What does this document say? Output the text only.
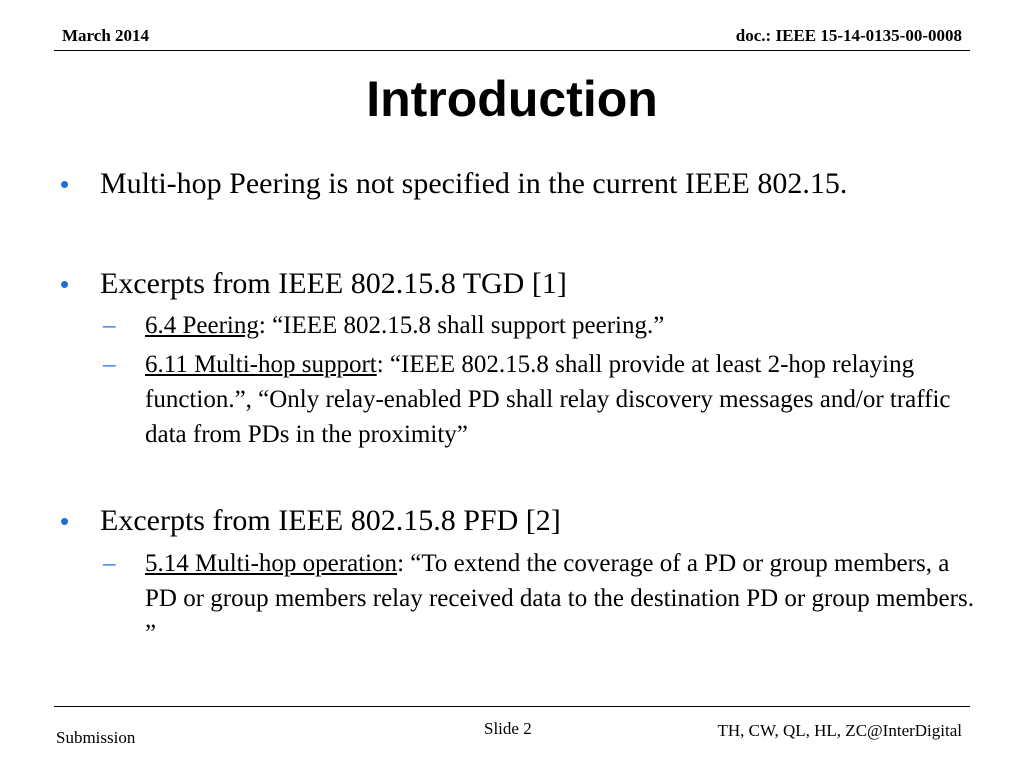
March 2014	doc.: IEEE 15-14-0135-00-0008
Introduction
• Multi-hop Peering is not specified in the current IEEE 802.15.
• Excerpts from IEEE 802.15.8 TGD [1]
– 6.4 Peering: “IEEE 802.15.8 shall support peering.”
– 6.11 Multi-hop support: “IEEE 802.15.8 shall provide at least 2-hop relaying function.”, “Only relay-enabled PD shall relay discovery messages and/or traffic data from PDs in the proximity”
• Excerpts from IEEE 802.15.8 PFD [2]
– 5.14 Multi-hop operation: “To extend the coverage of a PD or group members, a PD or group members relay received data to the destination PD or group members. ”
Submission	Slide 2	TH, CW, QL, HL, ZC@InterDigital
